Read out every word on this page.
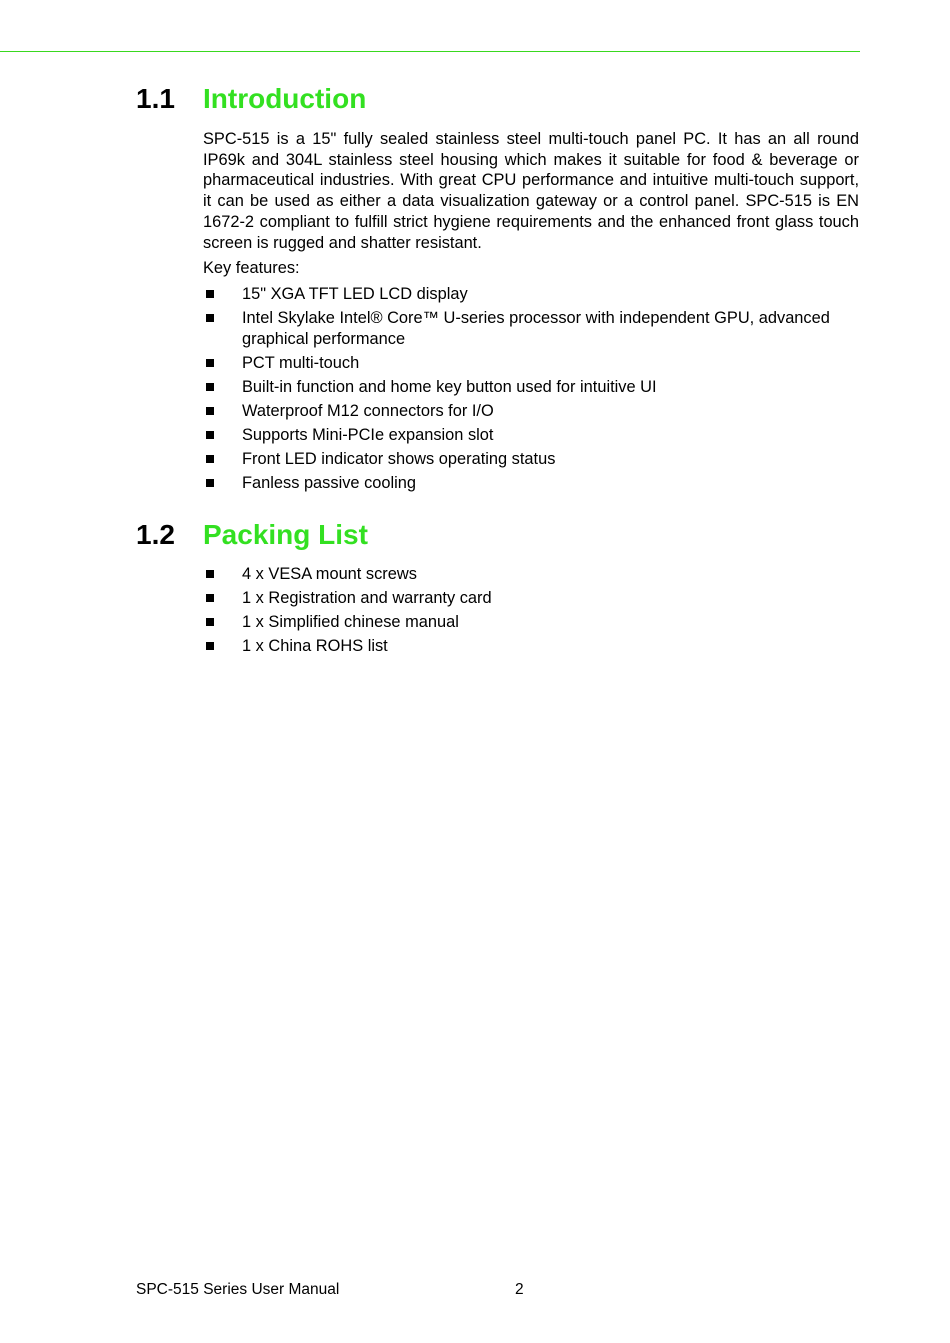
1.1	Introduction
SPC-515 is a 15" fully sealed stainless steel multi-touch panel PC. It has an all round IP69k and 304L stainless steel housing which makes it suitable for food & beverage or pharmaceutical industries. With great CPU performance and intuitive multi-touch support, it can be used as either a data visualization gateway or a control panel. SPC-515 is EN 1672-2 compliant to fulfill strict hygiene requirements and the enhanced front glass touch screen is rugged and shatter resistant.
Key features:
15" XGA TFT LED LCD display
Intel Skylake Intel® Core™ U-series processor with independent GPU, advanced graphical performance
PCT multi-touch
Built-in function and home key button used for intuitive UI
Waterproof M12 connectors for I/O
Supports Mini-PCIe expansion slot
Front LED indicator shows operating status
Fanless passive cooling
1.2	Packing List
4 x VESA mount screws
1 x Registration and warranty card
1 x Simplified chinese manual
1 x China ROHS list
SPC-515 Series User Manual	2
